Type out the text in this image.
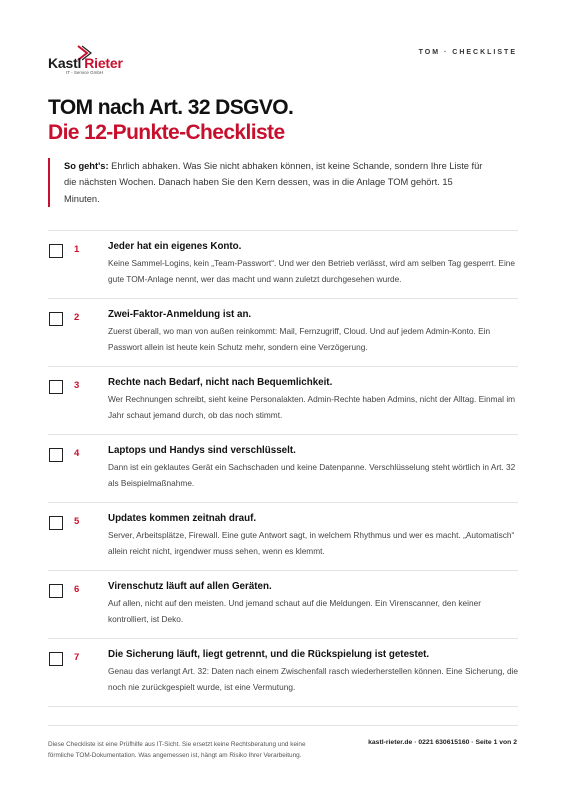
Kastl Rieter
IT - Service GmbH
TOM · CHECKLISTE
TOM nach Art. 32 DSGVO.
Die 12-Punkte-Checkliste
So geht's: Ehrlich abhaken. Was Sie nicht abhaken können, ist keine Schande, sondern Ihre Liste für die nächsten Wochen. Danach haben Sie den Kern dessen, was in die Anlage TOM gehört. 15 Minuten.
1	Jeder hat ein eigenes Konto.
Keine Sammel-Logins, kein „Team-Passwort“. Und wer den Betrieb verlässt, wird am selben Tag gesperrt. Eine gute TOM-Anlage nennt, wer das macht und wann zuletzt durchgesehen wurde.
2	Zwei-Faktor-Anmeldung ist an.
Zuerst überall, wo man von außen reinkommt: Mail, Fernzugriff, Cloud. Und auf jedem Admin-Konto. Ein Passwort allein ist heute kein Schutz mehr, sondern eine Verzögerung.
3	Rechte nach Bedarf, nicht nach Bequemlichkeit.
Wer Rechnungen schreibt, sieht keine Personalakten. Admin-Rechte haben Admins, nicht der Alltag. Einmal im Jahr schaut jemand durch, ob das noch stimmt.
4	Laptops und Handys sind verschlüsselt.
Dann ist ein geklautes Gerät ein Sachschaden und keine Datenpanne. Verschlüsselung steht wörtlich in Art. 32 als Beispielmaßnahme.
5	Updates kommen zeitnah drauf.
Server, Arbeitsplätze, Firewall. Eine gute Antwort sagt, in welchem Rhythmus und wer es macht. „Automatisch“ allein reicht nicht, irgendwer muss sehen, wenn es klemmt.
6	Virenschutz läuft auf allen Geräten.
Auf allen, nicht auf den meisten. Und jemand schaut auf die Meldungen. Ein Virenscanner, den keiner kontrolliert, ist Deko.
7	Die Sicherung läuft, liegt getrennt, und die Rückspielung ist getestet.
Genau das verlangt Art. 32: Daten nach einem Zwischenfall rasch wiederherstellen können. Eine Sicherung, die noch nie zurückgespielt wurde, ist eine Vermutung.
Diese Checkliste ist eine Prüfhilfe aus IT-Sicht. Sie ersetzt keine Rechtsberatung und keine förmliche TOM-Dokumentation. Was angemessen ist, hängt am Risiko Ihrer Verarbeitung.
kastl-rieter.de · 0221 630615160 · Seite 1 von 2
